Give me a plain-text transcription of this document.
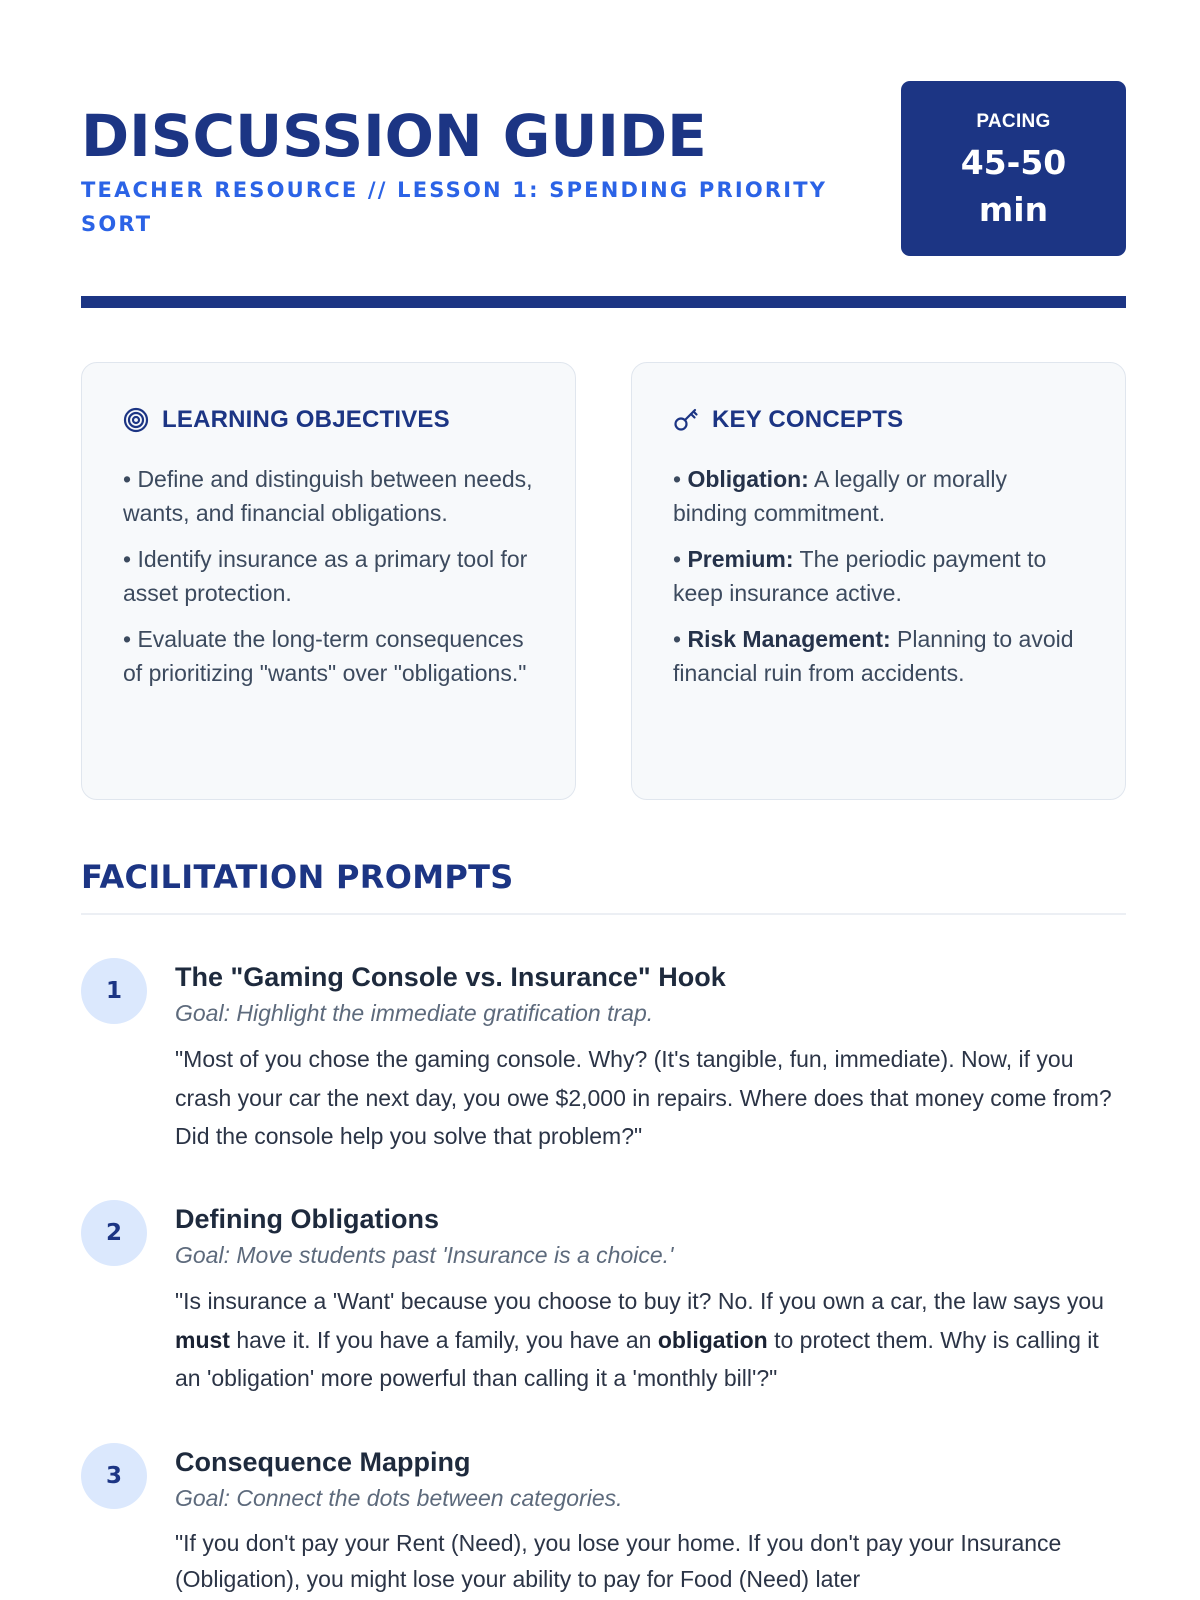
DISCUSSION GUIDE
TEACHER RESOURCE // LESSON 1: SPENDING PRIORITY SORT
PACING
45-50
min
LEARNING OBJECTIVES
• Define and distinguish between needs, wants, and financial obligations.
• Identify insurance as a primary tool for asset protection.
• Evaluate the long-term consequences of prioritizing "wants" over "obligations."
KEY CONCEPTS
• Obligation: A legally or morally binding commitment.
• Premium: The periodic payment to keep insurance active.
• Risk Management: Planning to avoid financial ruin from accidents.
FACILITATION PROMPTS
1	The "Gaming Console vs. Insurance" Hook
Goal: Highlight the immediate gratification trap.
"Most of you chose the gaming console. Why? (It's tangible, fun, immediate). Now, if you crash your car the next day, you owe $2,000 in repairs. Where does that money come from? Did the console help you solve that problem?"
2	Defining Obligations
Goal: Move students past 'Insurance is a choice.'
"Is insurance a 'Want' because you choose to buy it? No. If you own a car, the law says you must have it. If you have a family, you have an obligation to protect them. Why is calling it an 'obligation' more powerful than calling it a 'monthly bill'?"
3	Consequence Mapping
Goal: Connect the dots between categories.
"If you don't pay your Rent (Need), you lose your home. If you don't pay your Insurance (Obligation), you might lose your ability to pay for Food (Need) later
